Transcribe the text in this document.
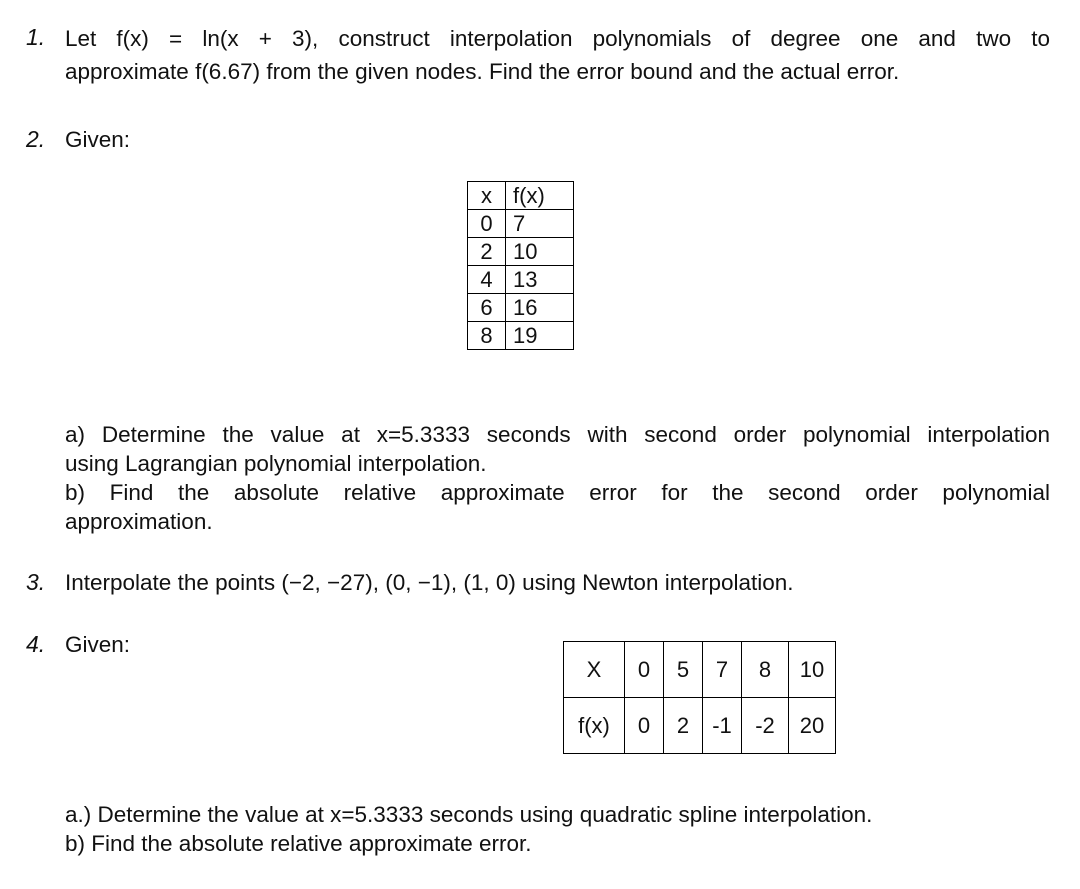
1. Let f(x) = ln(x + 3), construct interpolation polynomials of degree one and two to
approximate f(6.67) from the given nodes. Find the error bound and the actual error.
2. Given:
x	f(x)
0	7
2	10
4	13
6	16
8	19
a) Determine the value at x=5.3333 seconds with second order polynomial interpolation
using Lagrangian polynomial interpolation.
b) Find the absolute relative approximate error for the second order polynomial
approximation.
3. Interpolate the points (−2, −27), (0, −1), (1, 0) using Newton interpolation.
4. Given:
X	0	5	7	8	10
f(x)	0	2	-1	-2	20
a.) Determine the value at x=5.3333 seconds using quadratic spline interpolation.
b) Find the absolute relative approximate error.
